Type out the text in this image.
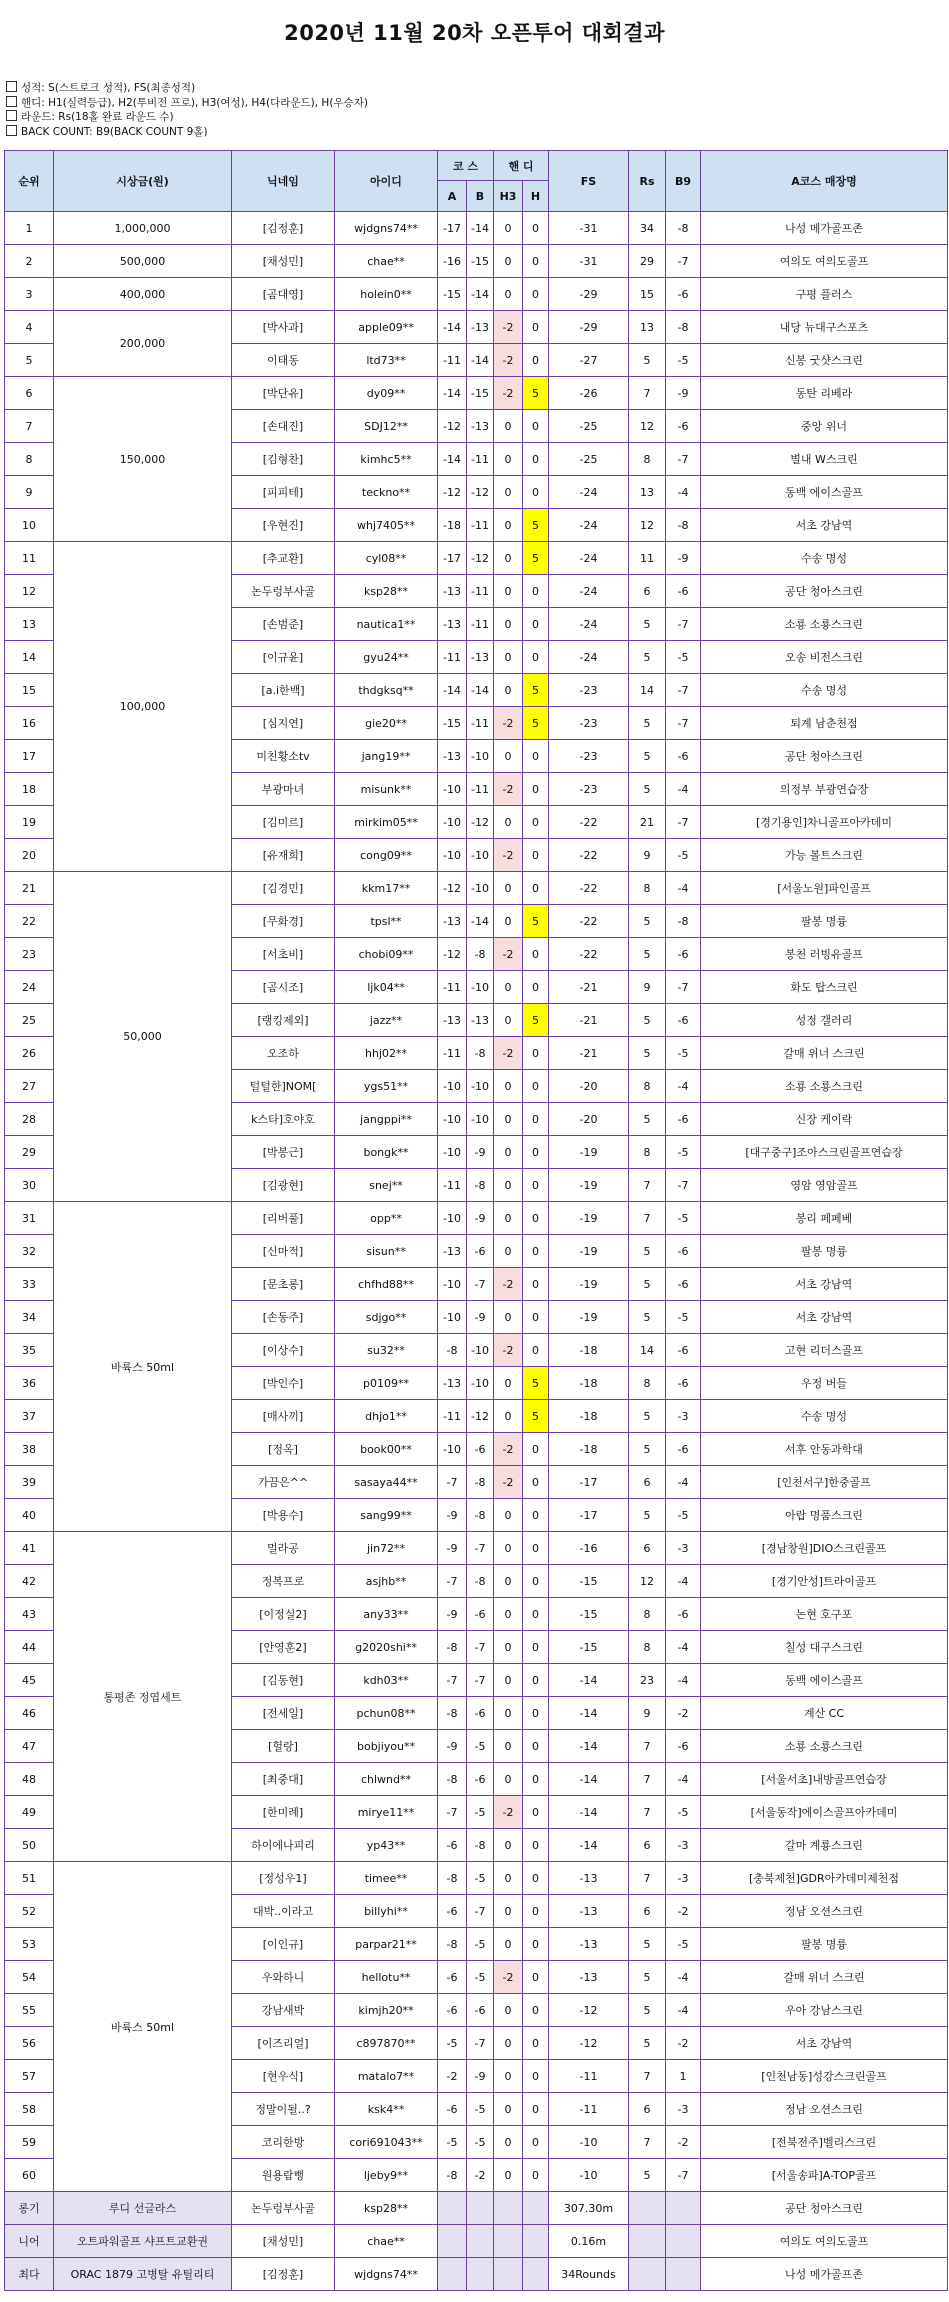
2020년 11월 20차 오픈투어 대회결과
성적: S(스트로크 성적), FS(최종성적)
핸디: H1(실력등급), H2(투비전 프로), H3(여성), H4(다라운드), H(우승자)
라운드: Rs(18홀 완료 라운드 수)
BACK COUNT: B9(BACK COUNT 9홀)
순위	시상금(원)	닉네임	아이디	코 스		핸 디		FS	Rs	B9	A코스 매장명
				A	B	H3	H				
1	1,000,000	[김정훈]	wjdgns74**	-17	-14	0	0	-31	34	-8	나성 메가골프존
2	500,000	[채성민]	chae**	-16	-15	0	0	-31	29	-7	여의도 여의도골프
3	400,000	[곰대영]	holein0**	-15	-14	0	0	-29	15	-6	구평 플러스
4	200,000	[박사과]	apple09**	-14	-13	-2	0	-29	13	-8	내당 뉴대구스포츠
5		이태동	ltd73**	-11	-14	-2	0	-27	5	-5	신봉 굿샷스크린
6	150,000	[박단유]	dy09**	-14	-15	-2	5	-26	7	-9	동탄 리베라
7		[손대진]	SDJ12**	-12	-13	0	0	-25	12	-6	중앙 위너
8		[김형찬]	kimhc5**	-14	-11	0	0	-25	8	-7	별내 W스크린
9		[피피테]	tecknо**	-12	-12	0	0	-24	13	-4	동백 에이스골프
10		[우현진]	whj7405**	-18	-11	0	5	-24	12	-8	서초 강남역
11	100,000	[추교환]	cyl08**	-17	-12	0	5	-24	11	-9	수송 명성
12		논두렁부사골	ksp28**	-13	-11	0	0	-24	6	-6	공단 청아스크린
13		[손범준]	nautica1**	-13	-11	0	0	-24	5	-7	소룡 소룡스크린
14		[이규윤]	gyu24**	-11	-13	0	0	-24	5	-5	오송 비전스크린
15		[a.i한백]	thdgksq**	-14	-14	0	5	-23	14	-7	수송 명성
16		[심지연]	gie20**	-15	-11	-2	5	-23	5	-7	퇴계 남춘천점
17		미친황소tv	jang19**	-13	-10	0	0	-23	5	-6	공단 청아스크린
18		부광마녀	misunk**	-10	-11	-2	0	-23	5	-4	의정부 부광연습장
19		[김미르]	mirkim05**	-10	-12	0	0	-22	21	-7	[경기용인]차니골프아카데미
20		[유재희]	cong09**	-10	-10	-2	0	-22	9	-5	가능 볼트스크린
21	50,000	[김경민]	kkm17**	-12	-10	0	0	-22	8	-4	[서울노원]파인골프
22		[무화경]	tpsl**	-13	-14	0	5	-22	5	-8	팔봉 명륭
23		[서초비]	chobi09**	-12	-8	-2	0	-22	5	-6	봉천 러빙유골프
24		[곰시조]	ljk04**	-11	-10	0	0	-21	9	-7	화도 탑스크린
25		[랭킹제외]	jazz**	-13	-13	0	5	-21	5	-6	성정 갤러리
26		오조하	hhj02**	-11	-8	-2	0	-21	5	-5	갈매 위너 스크린
27		털털한]NOM[	ygs51**	-10	-10	0	0	-20	8	-4	소룡 소룡스크린
28		k스타]호야호	jangppi**	-10	-10	0	0	-20	5	-6	신장 케이락
29		[박봉근]	bongk**	-10	-9	0	0	-19	8	-5	[대구중구]조아스크린골프연습장
30		[김광현]	snej**	-11	-8	0	0	-19	7	-7	영암 영암골프
31	바륙스 50ml	[리버풀]	opp**	-10	-9	0	0	-19	7	-5	봉리 페페베
32		[신마적]	sisun**	-13	-6	0	0	-19	5	-6	팔봉 명륭
33		[문초롱]	chfhd88**	-10	-7	-2	0	-19	5	-6	서초 강남역
34		[손동주]	sdjgo**	-10	-9	0	0	-19	5	-5	서초 강남역
35		[이상수]	su32**	-8	-10	-2	0	-18	14	-6	고현 리더스골프
36		[박인수]	p0109**	-13	-10	0	5	-18	8	-6	우정 버들
37		[매사끼]	dhjo1**	-11	-12	0	5	-18	5	-3	수송 명성
38		[정옥]	book00**	-10	-6	-2	0	-18	5	-6	서후 안동과학대
39		가끔은^^	sasaya44**	-7	-8	-2	0	-17	6	-4	[인천서구]한중골프
40		[박용수]	sang99**	-9	-8	0	0	-17	5	-5	아랍 명품스크린
41	통평존 정엽세트	멀라공	jin72**	-9	-7	0	0	-16	6	-3	[경남창원]DIO스크린골프
42		정복프로	asjhb**	-7	-8	0	0	-15	12	-4	[경기안성]트라이골프
43		[이정실2]	any33**	-9	-6	0	0	-15	8	-6	논현 호구포
44		[안영훈2]	g2020shi**	-8	-7	0	0	-15	8	-4	칠성 대구스크린
45		[김동현]	kdh03**	-7	-7	0	0	-14	23	-4	동백 에이스골프
46		[전세일]	pchun08**	-8	-6	0	0	-14	9	-2	계산 CC
47		[헐랑]	bobjiyou**	-9	-5	0	0	-14	7	-6	소룡 소룡스크린
48		[최중대]	chlwnd**	-8	-6	0	0	-14	7	-4	[서울서초]내방골프연습장
49		[한미례]	mirye11**	-7	-5	-2	0	-14	7	-5	[서울동작]에이스골프아카데미
50		하이에나피리	yp43**	-6	-8	0	0	-14	6	-3	갈마 계룡스크린
51	바륙스 50ml	[정성우1]	timee**	-8	-5	0	0	-13	7	-3	[충북제천]GDR아카데미제천점
52		대박..이라고	billyhi**	-6	-7	0	0	-13	6	-2	정남 오션스크린
53		[이인규]	parpar21**	-8	-5	0	0	-13	5	-5	팔봉 명륭
54		우와하니	hellotu**	-6	-5	-2	0	-13	5	-4	갈매 위너 스크린
55		강남새박	kimjh20**	-6	-6	0	0	-12	5	-4	우아 강남스크린
56		[이즈리얼]	c897870**	-5	-7	0	0	-12	5	-2	서초 강남역
57		[현우식]	matalo7**	-2	-9	0	0	-11	7	1	[인천남동]성강스크린골프
58		정말이될..?	ksk4**	-6	-5	0	0	-11	6	-3	정남 오션스크린
59		코리한방	cori691043**	-5	-5	0	0	-10	7	-2	[전북전주]벨리스크린
60		원용람뻥	ljeby9**	-8	-2	0	0	-10	5	-7	[서울송파]A-TOP골프
롱기	루디 선글라스	논두렁부사골	ksp28**					307.30m			공단 청아스크린
니어	오트파워골프 샤프트교환권	[채성민]	chae**					0.16m			여의도 여의도골프
최다	ORAC 1879 고병탈 유틸리티	[김정훈]	wjdgns74**					34Rounds			나성 메가골프존
